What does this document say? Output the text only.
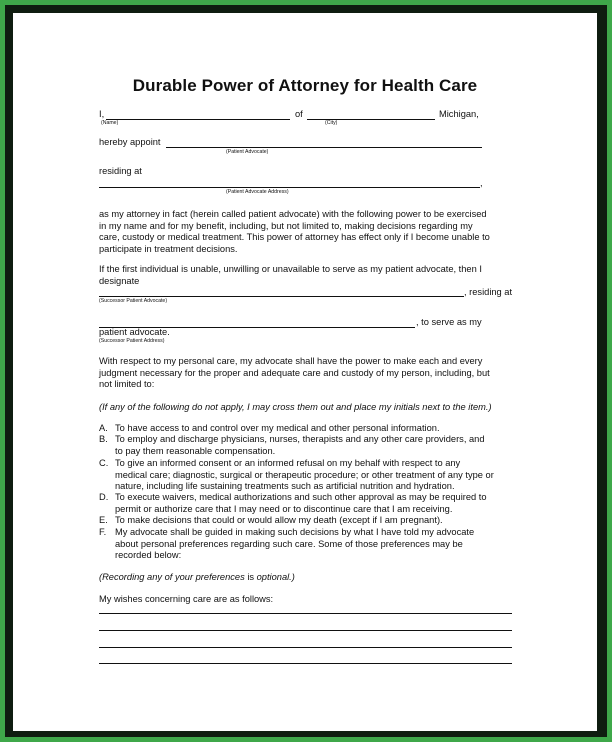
Durable Power of Attorney for Health Care
I,	of	Michigan,
(Name)	(City)
hereby appoint
(Patient Advocate)
residing at
,
(Patient Advocate Address)
as my attorney in fact (herein called patient advocate) with the following power to be exercised
in my name and for my benefit, including, but not limited to, making decisions regarding my
care, custody or medical treatment. This power of attorney has effect only if I become unable to
participate in treatment decisions.
If the first individual is unable, unwilling or unavailable to serve as my patient advocate, then I
designate
, residing at
(Successor Patient Advocate)
, to serve as my
patient advocate.
(Successor Patient Address)
With respect to my personal care, my advocate shall have the power to make each and every
judgment necessary for the proper and adequate care and custody of my person, including, but
not limited to:
(If any of the following do not apply, I may cross them out and place my initials next to the item.)
A. To have access to and control over my medical and other personal information.
B. To employ and discharge physicians, nurses, therapists and any other care providers, and
to pay them reasonable compensation.
C. To give an informed consent or an informed refusal on my behalf with respect to any
medical care; diagnostic, surgical or therapeutic procedure; or other treatment of any type or
nature, including life sustaining treatments such as artificial nutrition and hydration.
D. To execute waivers, medical authorizations and such other approval as may be required to
permit or authorize care that I may need or to discontinue care that I am receiving.
E. To make decisions that could or would allow my death (except if I am pregnant).
F. My advocate shall be guided in making such decisions by what I have told my advocate
about personal preferences regarding such care. Some of those preferences may be
recorded below:
(Recording any of your preferences is optional.)
My wishes concerning care are as follows:
